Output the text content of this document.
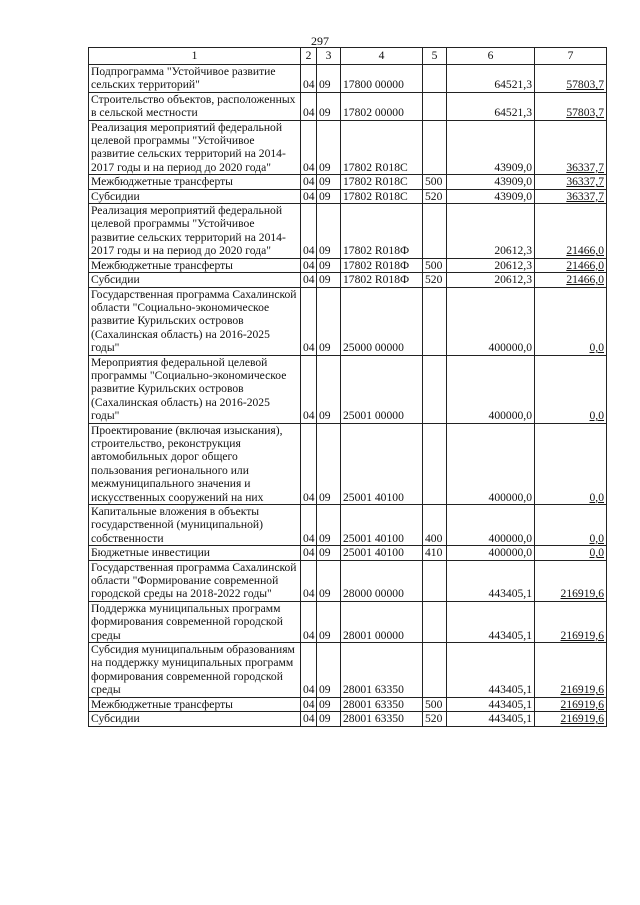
297
1	2	3	4	5	6	7
Подпрограмма "Устойчивое развитие сельских территорий"	04	09	17800 00000		64521,3	57803,7
Строительство объектов, расположенных в сельской местности	04	09	17802 00000		64521,3	57803,7
Реализация мероприятий федеральной целевой программы "Устойчивое развитие сельских территорий на 2014-2017 годы и на период до 2020 года"	04	09	17802 R018С		43909,0	36337,7
Межбюджетные трансферты	04	09	17802 R018С	500	43909,0	36337,7
Субсидии	04	09	17802 R018С	520	43909,0	36337,7
Реализация мероприятий федеральной целевой программы "Устойчивое развитие сельских территорий на 2014-2017 годы и на период до 2020 года"	04	09	17802 R018Ф		20612,3	21466,0
Межбюджетные трансферты	04	09	17802 R018Ф	500	20612,3	21466,0
Субсидии	04	09	17802 R018Ф	520	20612,3	21466,0
Государственная программа Сахалинской области "Социально-экономическое развитие Курильских островов (Сахалинская область) на 2016-2025 годы"	04	09	25000 00000		400000,0	0,0
Мероприятия федеральной целевой программы "Социально-экономическое развитие Курильских островов (Сахалинская область) на 2016-2025 годы"	04	09	25001 00000		400000,0	0,0
Проектирование (включая изыскания), строительство, реконструкция автомобильных дорог общего пользования регионального или межмуниципального значения и искусственных сооружений на них	04	09	25001 40100		400000,0	0,0
Капитальные вложения в объекты государственной (муниципальной) собственности	04	09	25001 40100	400	400000,0	0,0
Бюджетные инвестиции	04	09	25001 40100	410	400000,0	0,0
Государственная программа Сахалинской области "Формирование современной городской среды на 2018-2022 годы"	04	09	28000 00000		443405,1	216919,6
Поддержка муниципальных программ формирования современной городской среды	04	09	28001 00000		443405,1	216919,6
Субсидия муниципальным образованиям на поддержку муниципальных программ формирования современной городской среды	04	09	28001 63350		443405,1	216919,6
Межбюджетные трансферты	04	09	28001 63350	500	443405,1	216919,6
Субсидии	04	09	28001 63350	520	443405,1	216919,6
